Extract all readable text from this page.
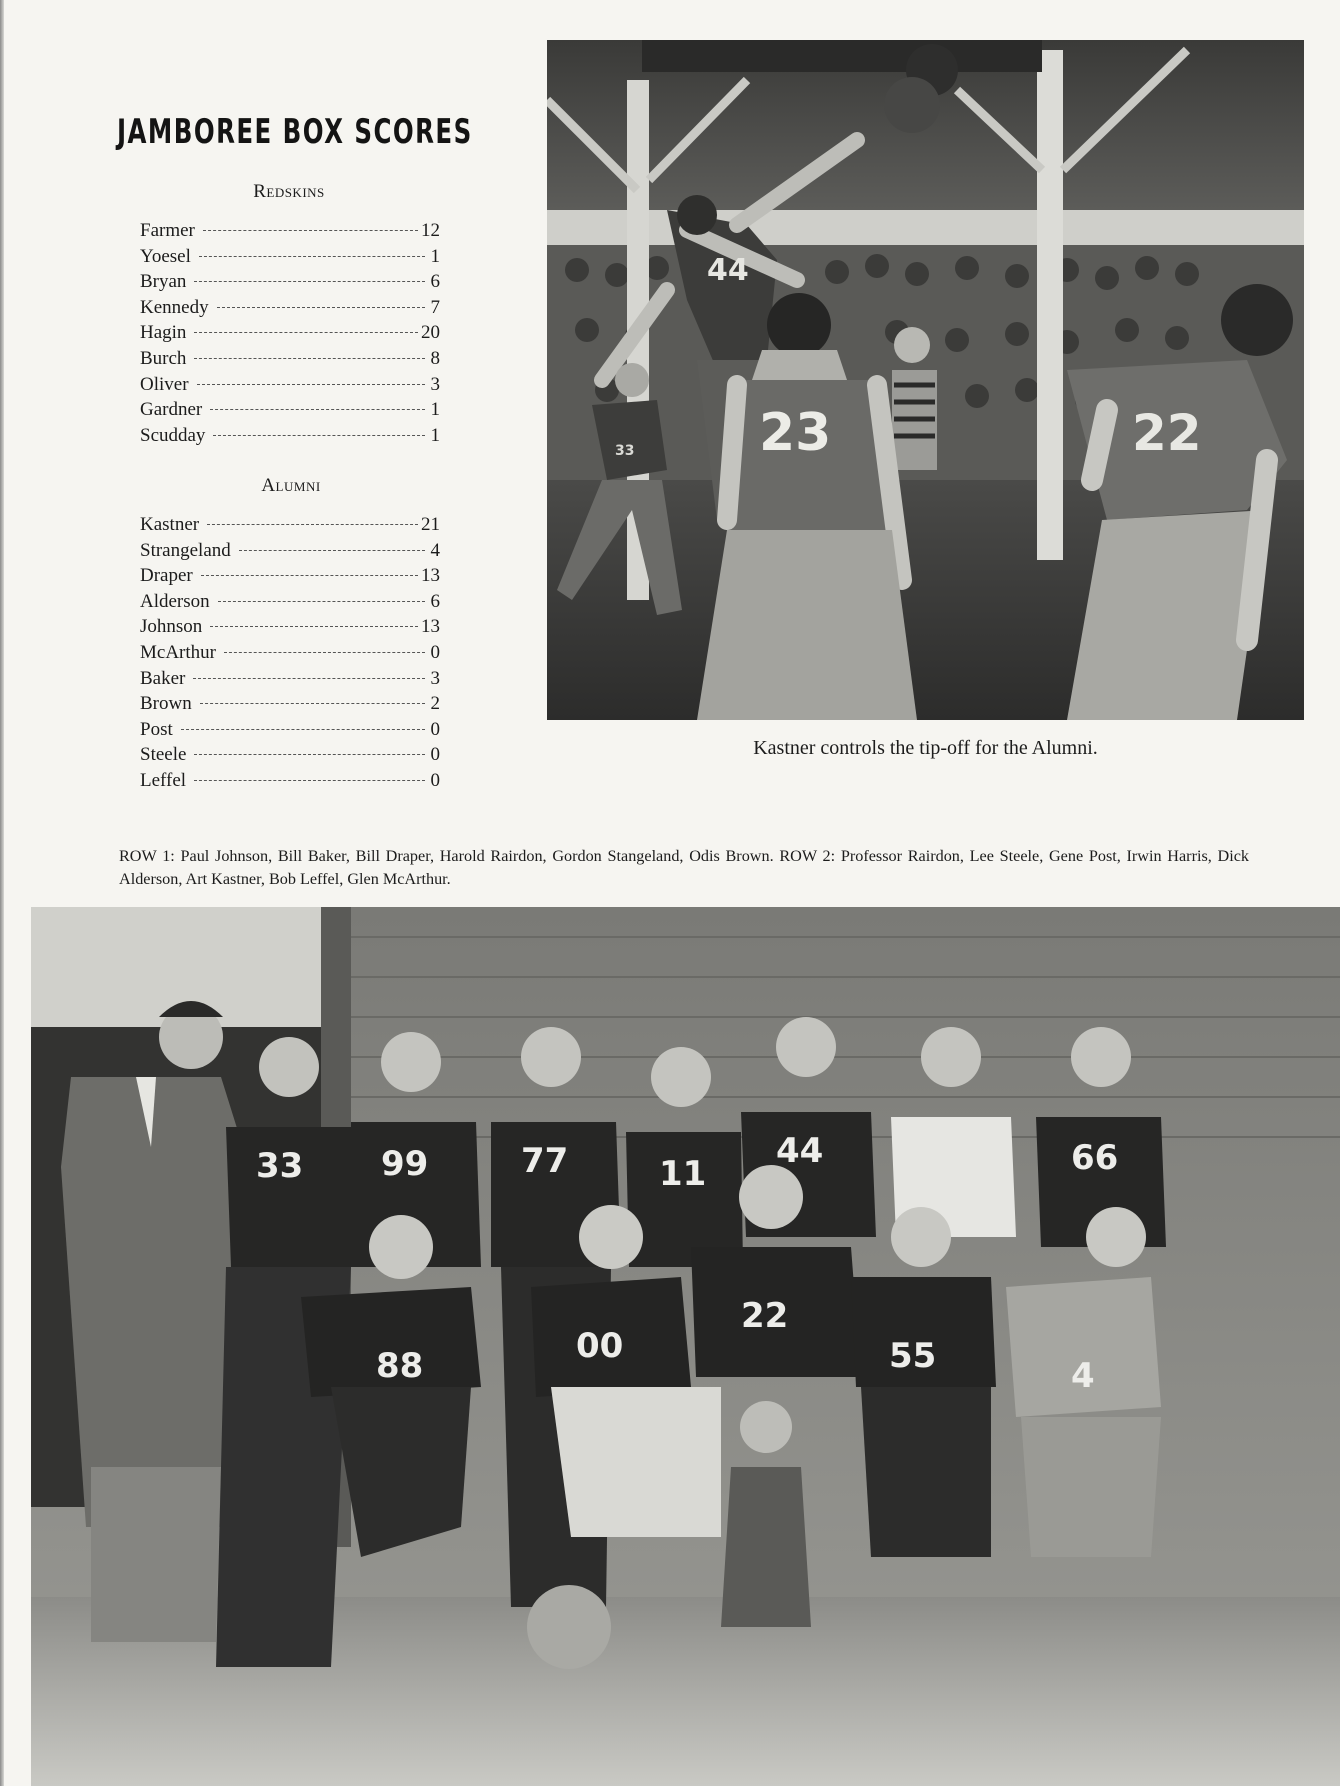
JAMBOREE BOX SCORES
Redskins
Farmer	12
Yoesel	1
Bryan	6
Kennedy	7
Hagin	20
Burch	8
Oliver	3
Gardner	1
Scudday	1
Alumni
Kastner	21
Strangeland	4
Draper	13
Alderson	6
Johnson	13
McArthur	0
Baker	3
Brown	2
Post	0
Steele	0
Leffel	0
44
33 23	22
Kastner controls the tip-off for the Alumni.
ROW 1: Paul Johnson, Bill Baker, Bill Draper, Harold Rairdon, Gordon Stangeland, Odis Brown. ROW 2: Professor Rairdon, Lee Steele, Gene Post, Irwin Harris, Dick Alderson, Art Kastner, Bob Leffel, Glen McArthur.
33 99	77	11
44	66
88	00
22
55	4
